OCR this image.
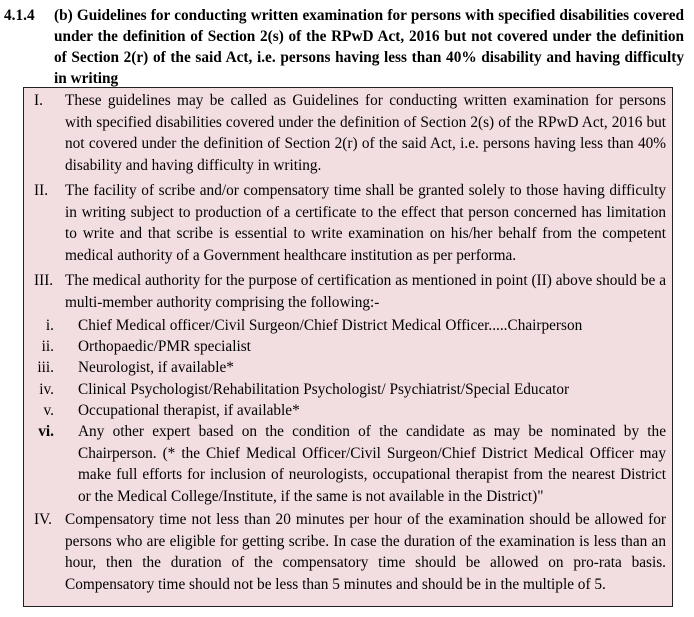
4.1.4	(b) Guidelines for conducting written examination for persons with specified disabilities covered under the definition of Section 2(s) of the RPwD Act, 2016 but not covered under the definition of Section 2(r) of the said Act, i.e. persons having less than 40% disability and having difficulty in writing
I.	These guidelines may be called as Guidelines for conducting written examination for persons with specified disabilities covered under the definition of Section 2(s) of the RPwD Act, 2016 but not covered under the definition of Section 2(r) of the said Act, i.e. persons having less than 40% disability and having difficulty in writing.
II.	The facility of scribe and/or compensatory time shall be granted solely to those having difficulty in writing subject to production of a certificate to the effect that person concerned has limitation to write and that scribe is essential to write examination on his/her behalf from the competent medical authority of a Government healthcare institution as per performa.
III. The medical authority for the purpose of certification as mentioned in point (II) above should be a multi-member authority comprising the following:-
i. Chief Medical officer/Civil Surgeon/Chief District Medical Officer.....Chairperson
ii. Orthopaedic/PMR specialist
iii. Neurologist, if available*
iv. Clinical Psychologist/Rehabilitation Psychologist/ Psychiatrist/Special Educator
v. Occupational therapist, if available*
vi. Any other expert based on the condition of the candidate as may be nominated by the Chairperson. (* the Chief Medical Officer/Civil Surgeon/Chief District Medical Officer may make full efforts for inclusion of neurologists, occupational therapist from the nearest District or the Medical College/Institute, if the same is not available in the District)"
IV. Compensatory time not less than 20 minutes per hour of the examination should be allowed for persons who are eligible for getting scribe. In case the duration of the examination is less than an hour, then the duration of the compensatory time should be allowed on pro-rata basis. Compensatory time should not be less than 5 minutes and should be in the multiple of 5.
